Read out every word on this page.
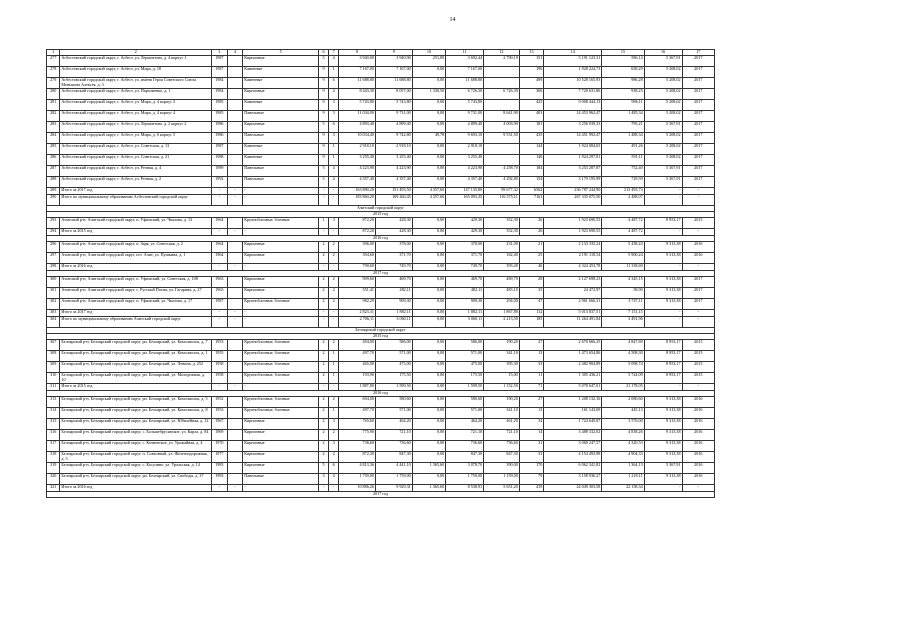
14
1	2	3	4	5	6	7	8	9	10	11	12	13	14	15	16	17
277	Асбестовский городской округ, г. Асбест, ул. Лермонтова, д. 4 корпус 1	1987		Кирпичные	5	4	3 940,00	3 940,90	251,80	3 692,44	2 790,19	151	5 191 123,31	586,14	5 367,91	2017
278	Асбестовский городской округ, г. Асбест, ул. Мира, д. 18	1987		Каменные	9	1	7 167,00	7 167,00	0,00	7 167,00		196	1 928 224,73	658,29	5 208,02	2017
279	Асбестовский городской округ, г. Асбест, ул. имени Героя Советского Союза Меньшова Алексея, д. 3	1984		Каменные	9	6	11 688,80	11 688,80	0,00	11 688,80		499	10 528 165,93	986,28	5 208,02	2017
280	Асбестовский городской округ, г. Асбест, ул. Пархоменко, д. 1	1984		Кирпичные	9	4	8 443,30	8 057,00	1 330,50	6 726,50	6 726,39	306	7 720 631,86	938,25	5 208,02	2017
281	Асбестовский городской округ, г. Асбест, ул. Мира, д. 4 корпус 3	1985		Каменные	9	3	5 743,80	5 743,80	0,00	5 743,80		425	9 008 444,13	986,11	5 208,02	2017
282	Асбестовский городской округ, г. Асбест, ул. Мира, д. 4 корпус 4	1985		Панельные	9	3	11 034,00	9 731,00	0,00	9 731,00	8 641,90	403	14 453 962,47	1 485,34	5 208,02	2017
283	Асбестовский городской округ, г. Асбест, ул. Лермонтова, д. 2 корпус 2	1986		Кирпичные	5	6	4 893,40	4 899,40	0,00	4 899,40	4 003,90	181	3 256 039,33	795,21	5 367,91	2017
284	Асбестовский городской округ, г. Асбест, ул. Мира, д. 6 корпус 5	1986		Панельные	9	3	10 034,40	9 742,80	49,78	9 693,10	9 531,50	435	14 451 992,47	1 488,34	5 208,02	2017
285	Асбестовский городской округ, г. Асбест, ул. Советская, д. 13	1987		Каменные	9	1	2 918,10	2 918,10	0,00	2 918,10		144	1 924 084,65	491,26	5 208,02	2017
286	Асбестовский городской округ, г. Асбест, ул. Советская, д. 21	1988		Каменные	9	1	3 255,40	3 255,40	0,00	3 255,40		146	1 924 297,81	591,11	5 208,02	2017
287	Асбестовский городской округ, г. Асбест, ул. Речная, д. 4	1989		Панельные	5	4	4 223,90	4 223,90	0,00	4 223,90	4 258,70	184	3 253 287,87	752,40	5 367,91	2017
288	Асбестовский городской округ, г. Асбест, ул. Речная, д. 2	1992		Панельные	5	4	4 357,40	4 357,40	0,00	4 357,40	4 292,80	154	3 179 195,99	729,59	5 367,91	2017
289	Итого за 2017 год	-	-	-	-	-	163 890,20	151 493,50	4 357,60	147 135,80	99 677,32	6562	236 787 244,90	213 493,73	-	-
290	Итого по муниципальному образованию Асбестовский городской округ	-	-	-	-	-	183 860,20	169 260,45	4 357,60	165 093,35	116 575,11	7161	267 335 075,50	2 488,07	-	-
Ачитский городской округ																
2015 год																
293	Ачитский р-н, Ачитский городской округ, п. Уфимский, ул. Чкалова, д. 13	1964		Крупноблочные, блочные	1	3	872,20	428,30	0,00	429,30	352,30	26	1 923 690,55	4 487,72	8 953,17	2015
294	Итого за 2015 год	-	-	-	-	-	872,20	428,30	0,00	429,30	352,30	26	1 923 690,55	4 487,72	-	-
2016 год																
296	Ачитский р-н, Ачитский городской округ, п. Заря, ул. Советская, д. 2	1964		Кирпичные	2	2	396,00	378,00	0,00	378,00	231,00	21	2 133 335,24	5 438,43	9 313,38	2016
297	Ачитский р-н, Ачитский городской округ, пгт. Ачит, ул. Пушкина, д. 1	1964		Кирпичные	2	2	394,60	371,70	0,00	371,70	162,40	25	2 191 118,54	5 900,24	9 313,38	2016
298	Итого за 2016 год	-	-	-	-	-	790,60	749,70	0,00	749,70	393,40	46	4 324 453,78	11 338,69	-	-
2017 год																
300	Ачитский р-н, Ачитский городской округ, п. Уфимский, ул. Советская, д. 108	1963		Кирпичные	2	2	909,60	469,70	0,00	469,70	469,70	28	2 127 698,23	4 345,15	9 313,38	2017
301	Ачитский р-н, Ачитский городской округ, с. Русский Потам, ул. Гагарина, д. 27	1963		Кирпичные	2	2	551,41	482,11	0,00	482,11	483,10	35	24 472,97	58,90	9 313,38	2017
302	Ачитский р-н, Ачитский городской округ, п. Уфимский, ул. Чкалова, д. 17	1987		Крупноблочные, блочные	2	2	982,29	909,30	0,00	909,30	294,00	47	2 961 666,31	3 747,11	9 313,38	2017
303	Итого за 2017 год	-	-	-	-	-	2 823,31	1 882,11	0,00	1 882,11	1 867,80	112	5 013 837,51	7 151,15	-	-
304	Итого по муниципальному образованию Ачитский городской округ	-	-	-	-	-	2 706,11	3 060,11	0,00	3 060,11	2 213,50	185	11 264 491,84	3 491,96	-	-
Белоярский городской округ																
2015 год																
307	Белоярский р-н, Белоярский городской округ, рп. Белоярский, ул. Комсомолок, д. 7	1953		Крупноблочные, блочные	2	2	494,00	586,00	0,00	586,00	190,20	27	2 670 666,25	4 847,69	8 953,17	2015
308	Белоярский р-н, Белоярский городской округ, рп. Белоярский, ул. Комсомолок, д. 1	1955		Крупноблочные, блочные	2	1	497,70	571,00	0,00	571,00	341,10	13	1 473 654,86	4 508,30	8 953,17	2015
309	Белоярский р-н, Белоярский городской округ, рп. Белоярский, ул. Ленина, д. 252	1958		Крупноблочные, блочные	2	1	465,00	475,00	0,00	475,00	395,30	33	2 482 904,89	5 098,74	8 953,17	2015
310	Белоярский р-н, Белоярский городской округ, рп. Белоярский, ул. Молодежная, д. 10	1958		Крупноблочные, блочные	2	1	193,90	175,50	0,00	175,50	15,00	11	1 305 436,21	5 724,09	8 953,17	2015
311	Итого за 2015 год	-	-	-	-	-	1 887,80	1 599,50	0,00	1 599,50	1 152,50	71	5 078 647,01	21 178,05	-	-
2016 год																
313	Белоярский р-н, Белоярский городской округ, рп. Белоярский, ул. Комсомолок, д. 5	1952		Крупноблочные, блочные	2	2	694,00	580,60	0,00	580,60	190,20	27	1 208 132,16	2 080,60	9 313,38	2016
314	Белоярский р-н, Белоярский городской округ, рп. Белоярский, ул. Комсомолок, д. 8	1953		Крупноблочные, блочные	2	1	497,70	571,00	0,00	571,00	341,10	13	161 143,09	445,13	9 313,38	2016
315	Белоярский р-н, Белоярский городской округ, рп. Белоярский, ул. Юбилейная, д. 12	1967		Кирпичные	2	3	765,60	464,20	0,00	464,20	461,20	34	1 724 649,87	3 576,00	9 313,38	2016
316	Белоярский р-н, Белоярский городской округ, с. Большебрусянское, ул. Карла, д. 84	1969		Кирпичные	2	2	775,90	721,10	0,00	721,10	721,10	14	3 488 332,02	4 838,26	9 313,38	2016
317	Белоярский р-н, Белоярский городской округ, с. Кочневское, ул. Урожайная, д. 4	1970		Кирпичные	2	3	736,60	736,60	0,00	736,60	736,60	31	3 069 247,57	4 320,53	9 313,38	2016
318	Белоярский р-н, Белоярский городской округ, п. Совхозный, ул. Железнодорожная, д. 5	1977		Кирпичные	2	2	872,30	847,30	0,00	847,30	847,30	31	4 154 493,98	4 904,33	9 313,38	2016
319	Белоярский р-н, Белоярский городской округ, с. Косулино, ул. Уральская, д. 14	1983		Кирпичные	5	6	4 813,36	4 441,10	1 365,60	3 078,70	390,00	170	6 062 341,82	1 364,13	5 367,91	2016
320	Белоярский р-н, Белоярский городской округ, рп. Белоярский, ул. Свободы, д. 37	1993		Панельные	3	4	1 759,00	1 759,00	0,00	1 759,00	1 159,00	79	3 158 936,27	1 218,11	9 313,38	2016
321	Итого за 2016 год	-	-	-	-	-	10 886,26	9 929,31	1 365,60	8 538,91	5 651,20	419	24 049 303,58	22 158,34	-	-
2017 год																
